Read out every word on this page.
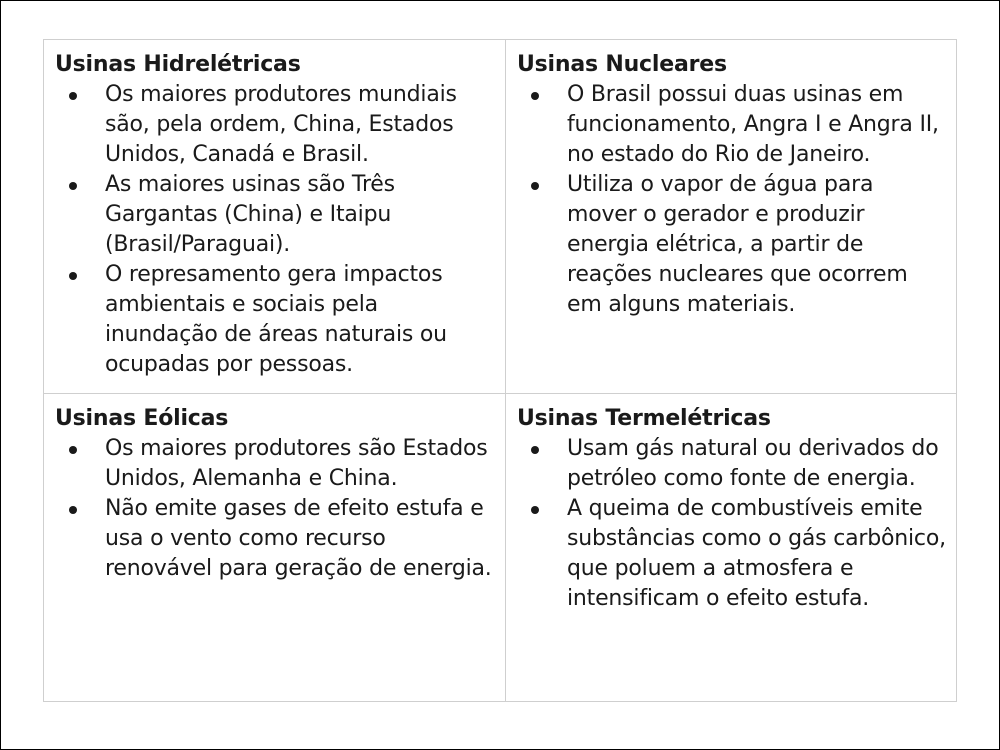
Usinas Hidrelétricas
Os maiores produtores mundiais são, pela ordem, China, Estados Unidos, Canadá e Brasil.
As maiores usinas são Três Gargantas (China) e Itaipu (Brasil/Paraguai).
O represamento gera impactos ambientais e sociais pela inundação de áreas naturais ou ocupadas por pessoas.
Usinas Nucleares
O Brasil possui duas usinas em funcionamento, Angra I e Angra II, no estado do Rio de Janeiro.
Utiliza o vapor de água para mover o gerador e produzir energia elétrica, a partir de reações nucleares que ocorrem em alguns materiais.
Usinas Eólicas
Os maiores produtores são Estados Unidos, Alemanha e China.
Não emite gases de efeito estufa e usa o vento como recurso renovável para geração de energia.
Usinas Termelétricas
Usam gás natural ou derivados do petróleo como fonte de energia.
A queima de combustíveis emite substâncias como o gás carbônico, que poluem a atmosfera e intensificam o efeito estufa.
